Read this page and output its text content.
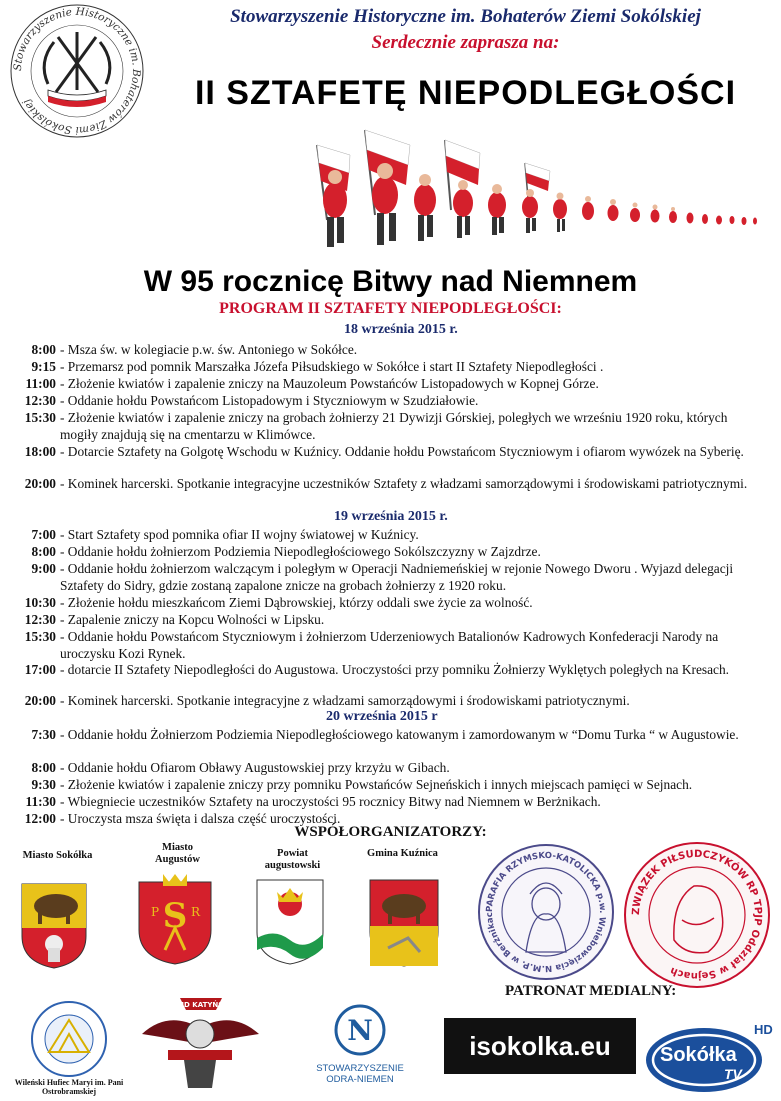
Stowarzyszenie Historyczne im. Bohaterów Ziemi Sokólskiej
Stowarzyszenie Historyczne im. Bohaterów Ziemi Sokólskiej
Serdecznie zaprasza na:
II SZTAFETĘ NIEPODLEGŁOŚCI
W 95 rocznicę Bitwy nad Niemnem
PROGRAM II SZTAFETY NIEPODLEGŁOŚCI:
18 września 2015 r.
8:00 - Msza św. w kolegiacie p.w. św. Antoniego w Sokółce.
9:15 - Przemarsz pod pomnik Marszałka Józefa Piłsudskiego w Sokółce i start II Sztafety Niepodległości .
11:00 - Złożenie kwiatów i zapalenie zniczy na Mauzoleum Powstańców Listopadowych w Kopnej Górze.
12:30 - Oddanie hołdu Powstańcom Listopadowym i Styczniowym w Szudziałowie.
15:30 - Złożenie kwiatów i zapalenie zniczy na grobach żołnierzy 21 Dywizji Górskiej, poległych we wrześniu 1920 roku, których mogiły znajdują się na cmentarzu w Klimówce.
18:00 - Dotarcie Sztafety na Golgotę Wschodu w Kuźnicy. Oddanie hołdu Powstańcom Styczniowym i ofiarom wywózek na Syberię.
20:00 - Kominek harcerski. Spotkanie integracyjne uczestników Sztafety z władzami samorządowymi i środowiskami patriotycznymi.
19 września 2015 r.
7:00 - Start Sztafety spod pomnika ofiar II wojny światowej w Kuźnicy.
8:00 - Oddanie hołdu żołnierzom Podziemia Niepodległościowego Sokólszczyzny w Zajzdrze.
9:00 - Oddanie hołdu żołnierzom walczącym i poległym w Operacji Nadniemeńskiej w rejonie Nowego Dworu . Wyjazd delegacji Sztafety do Sidry, gdzie zostaną zapalone znicze na grobach żołnierzy z 1920 roku.
10:30 - Złożenie hołdu mieszkańcom Ziemi Dąbrowskiej, którzy oddali swe życie za wolność.
12:30 - Zapalenie zniczy na Kopcu Wolności w Lipsku.
15:30 - Oddanie hołdu Powstańcom Styczniowym i żołnierzom Uderzeniowych Batalionów Kadrowych Konfederacji Narody na uroczysku Kozi Rynek.
17:00 - dotarcie II Sztafety Niepodległości do Augustowa. Uroczystości przy pomniku Żołnierzy Wyklętych poległych na Kresach.
20:00 - Kominek harcerski. Spotkanie integracyjne z władzami samorządowymi i środowiskami patriotycznymi.
20 września 2015 r
7:30 - Oddanie hołdu Żołnierzom Podziemia Niepodległościowego katowanym i zamordowanym w “Domu Turka “ w Augustowie.
8:00 - Oddanie hołdu Ofiarom Obławy Augustowskiej przy krzyżu w Gibach.
9:30 - Złożenie kwiatów i zapalenie zniczy przy pomniku Powstańców Sejneńskich i innych miejscach pamięci w Sejnach.
11:30 - Wbiegniecie uczestników Sztafety na uroczystości 95 rocznicy Bitwy nad Niemnem w Berżnikach.
12:00 - Uroczysta msza święta i dalsza część uroczystości.
WSPÓŁORGANIZATORZY:
Miasto Sokółka
Miasto Augustów
S
P	R
Powiat augustowski
Gmina Kuźnica
PARAFIA RZYMSKO-KATOLICKA p.w. Wniebowzięcia N.M.P. w Berżnikac	ZWIĄZEK PIŁSUDCZYKÓW RP TPJP Oddział w Sejnach
PATRONAT MEDIALNY:
Wileński Hufiec Maryi im. Pani Ostrobramskiej
RAJD KATYŃSKI
N
STOWARZYSZENIE
ODRA-NIEMEN
isokolka.eu Sokółka
TV
HD
